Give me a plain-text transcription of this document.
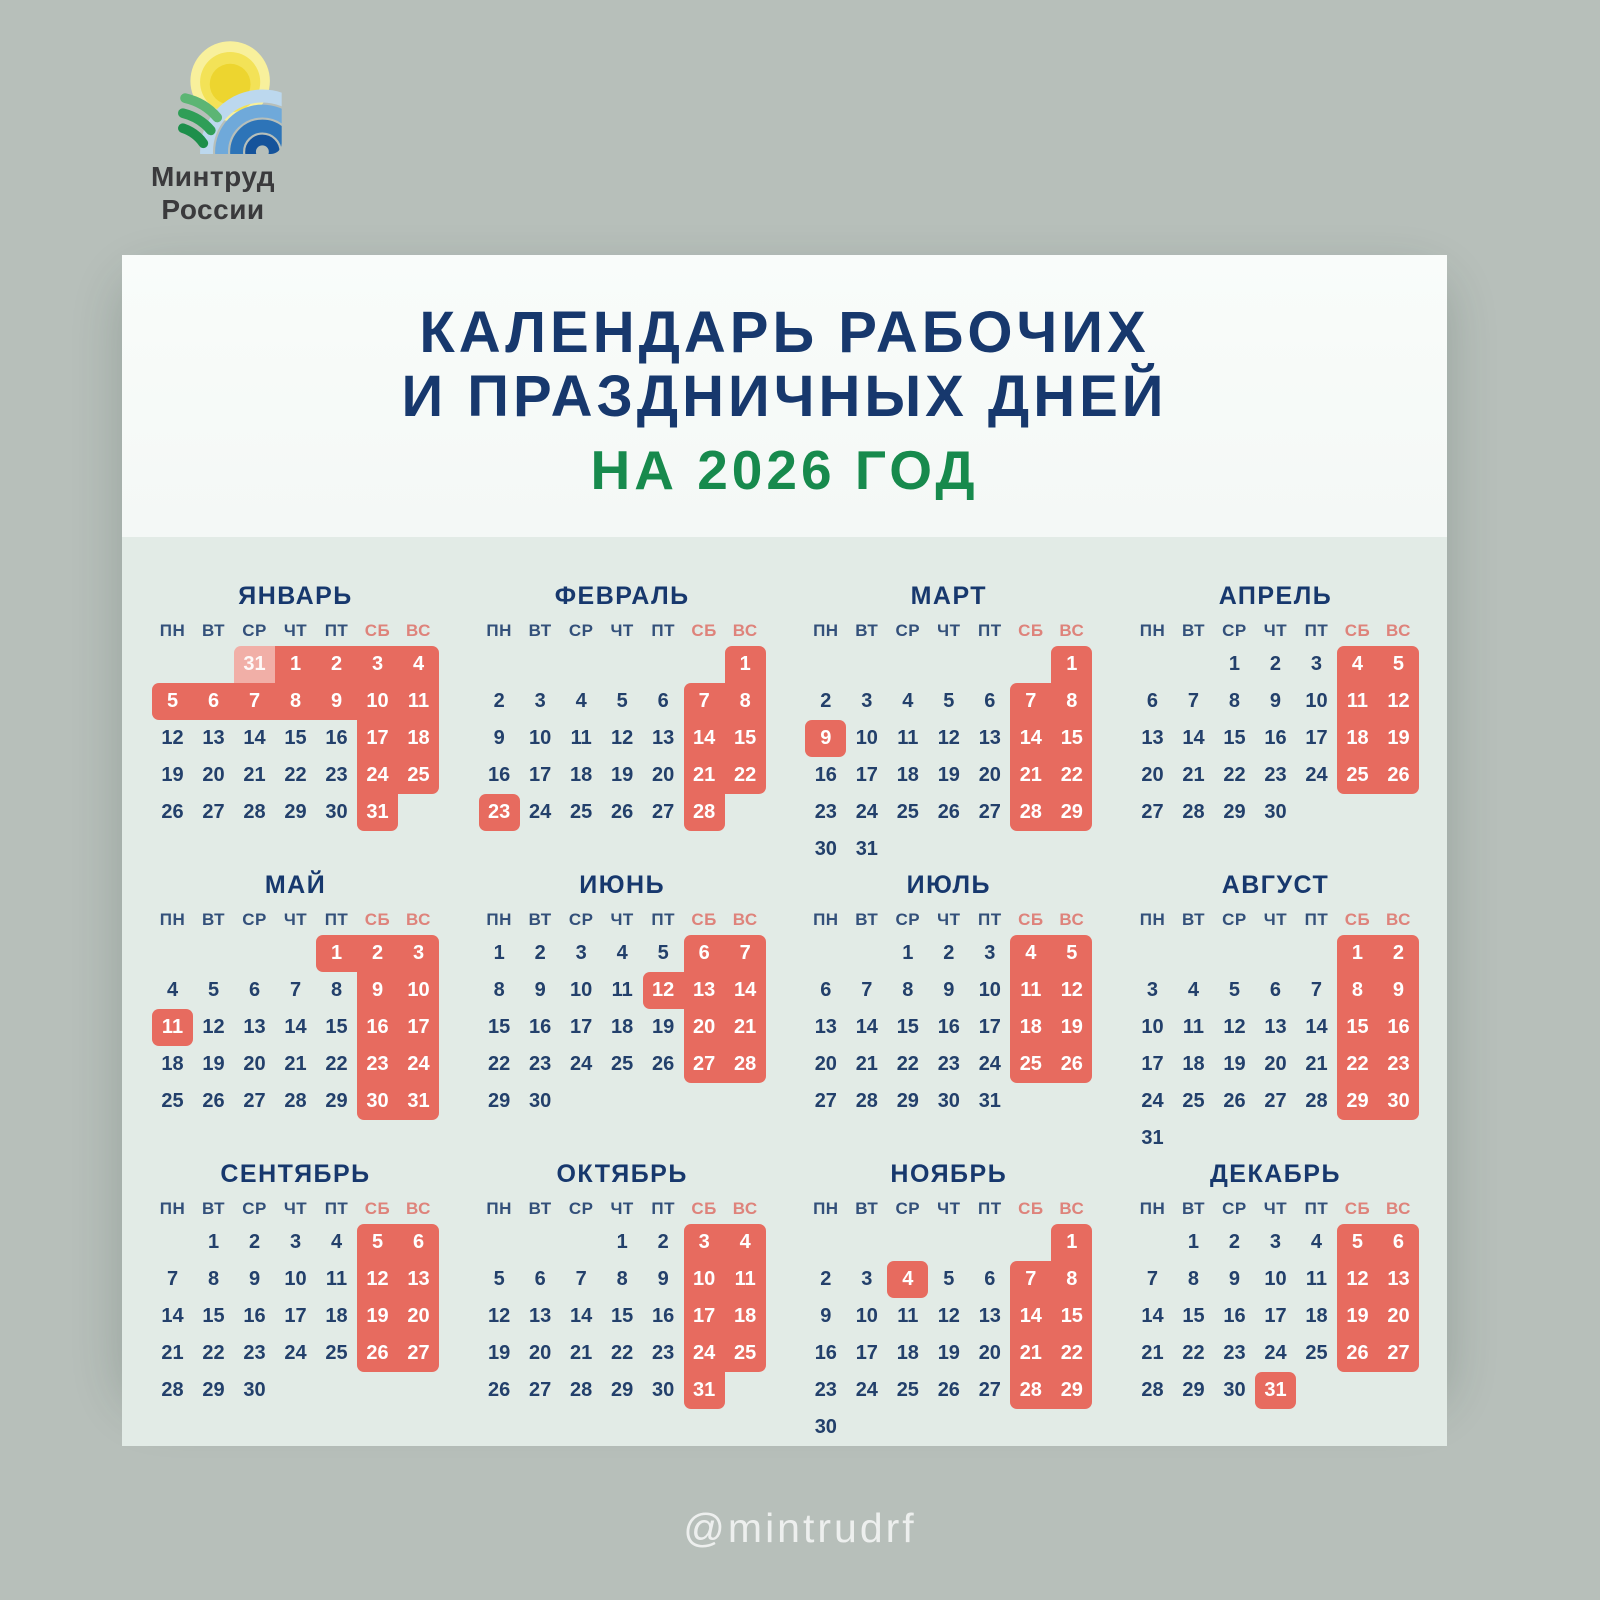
Минтруд
России
КАЛЕНДАРЬ РАБОЧИХ
И ПРАЗДНИЧНЫХ ДНЕЙ
НА 2026 ГОД
ЯНВАРЬ
ПН	ВТ	СР	ЧТ	ПТ	СБ	ВС
		31	1	2	3	4
5	6	7	8	9	10	11
12	13	14	15	16	17	18
19	20	21	22	23	24	25
26	27	28	29	30	31	

ФЕВРАЛЬ
ПН	ВТ	СР	ЧТ	ПТ	СБ	ВС
						1
2	3	4	5	6	7	8
9	10	11	12	13	14	15
16	17	18	19	20	21	22
23	24	25	26	27	28	

МАРТ
ПН	ВТ	СР	ЧТ	ПТ	СБ	ВС
						1
2	3	4	5	6	7	8
9	10	11	12	13	14	15
16	17	18	19	20	21	22
23	24	25	26	27	28	29
30	31					
АПРЕЛЬ
ПН	ВТ	СР	ЧТ	ПТ	СБ	ВС
		1	2	3	4	5
6	7	8	9	10	11	12
13	14	15	16	17	18	19
20	21	22	23	24	25	26
27	28	29	30			

МАЙ
ПН	ВТ	СР	ЧТ	ПТ	СБ	ВС
				1	2	3
4	5	6	7	8	9	10
11	12	13	14	15	16	17
18	19	20	21	22	23	24
25	26	27	28	29	30	31

ИЮНЬ
ПН	ВТ	СР	ЧТ	ПТ	СБ	ВС
1	2	3	4	5	6	7
8	9	10	11	12	13	14
15	16	17	18	19	20	21
22	23	24	25	26	27	28
29	30					

ИЮЛЬ
ПН	ВТ	СР	ЧТ	ПТ	СБ	ВС
		1	2	3	4	5
6	7	8	9	10	11	12
13	14	15	16	17	18	19
20	21	22	23	24	25	26
27	28	29	30	31		

АВГУСТ
ПН	ВТ	СР	ЧТ	ПТ	СБ	ВС
					1	2
3	4	5	6	7	8	9
10	11	12	13	14	15	16
17	18	19	20	21	22	23
24	25	26	27	28	29	30
31						
СЕНТЯБРЬ
ПН	ВТ	СР	ЧТ	ПТ	СБ	ВС
	1	2	3	4	5	6
7	8	9	10	11	12	13
14	15	16	17	18	19	20
21	22	23	24	25	26	27
28	29	30				

ОКТЯБРЬ
ПН	ВТ	СР	ЧТ	ПТ	СБ	ВС
			1	2	3	4
5	6	7	8	9	10	11
12	13	14	15	16	17	18
19	20	21	22	23	24	25
26	27	28	29	30	31	

НОЯБРЬ
ПН	ВТ	СР	ЧТ	ПТ	СБ	ВС
						1
2	3	4	5	6	7	8
9	10	11	12	13	14	15
16	17	18	19	20	21	22
23	24	25	26	27	28	29
30						
ДЕКАБРЬ
ПН	ВТ	СР	ЧТ	ПТ	СБ	ВС
	1	2	3	4	5	6
7	8	9	10	11	12	13
14	15	16	17	18	19	20
21	22	23	24	25	26	27
28	29	30	31			

@mintrudrf
